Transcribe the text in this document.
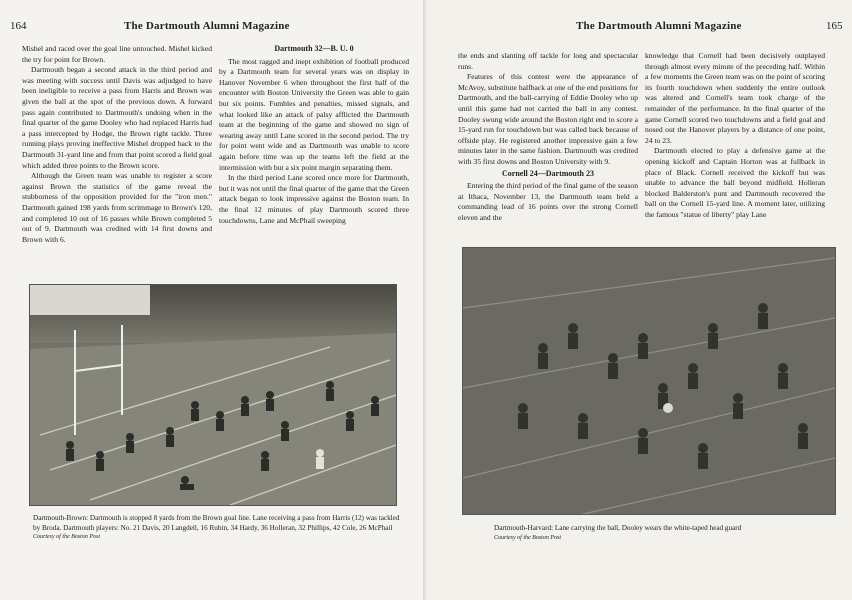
164	The Dartmouth Alumni Magazine

Mishel and raced over the goal line untouched. Mishel kicked the try for point for Brown.

Dartmouth began a second attack in the third period and was meeting with success until Davis was adjudged to have been ineligible to receive a pass from Harris and Brown was given the ball at the spot of the previous down. A forward pass again contributed to Dartmouth's undoing when in the final quarter of the game Dooley who had replaced Harris had a pass intercepted by Hodge, the Brown right tackle. Three running plays proving ineffective Mishel dropped back to the Dartmouth 31-yard line and from that point scored a field goal which added three points to the Brown score.

Although the Green team was unable to register a score against Brown the statistics of the game reveal the stubborness of the opposition provided for the "iron men." Dartmouth gained 198 yards from scrimmage to Brown's 120, and completed 10 out of 16 passes while Brown completed 5 out of 9. Dartmouth was credited with 14 first downs and Brown with 6.

Dartmouth 32—B. U. 0

The most ragged and inept exhibition of football produced by a Dartmouth team for several years was on display in Hanover November 6 when throughout the first half of the encounter with Boston University the Green was able to gain but six points. Fumbles and penalties, missed signals, and what looked like an attack of palsy afflicted the Dartmouth team at the beginning of the game and showed no sign of wearing away until Lane scored in the second period. The try for point went wide and as Dartmouth was unable to score again before time was up the teams left the field at the intermission with but a six point margin separating them.

In the third period Lane scored once more for Dartmouth, but it was not until the final quarter of the game that the Green attack began to look impressive against the Boston team. In the final 12 minutes of play Dartmouth scored three touchdowns, Lane and McPhail sweeping

Dartmouth-Brown: Dartmouth is stopped 8 yards from the Brown goal line. Lane receiving a pass from Harris (12) was tackled by Broda. Dartmouth players: No. 21 Davis, 20 Langdell, 16 Rubin, 34 Hardy, 36 Holleran, 32 Phillips, 42 Cole, 26 McPhail
Courtesy of the Boston Post
The Dartmouth Alumni Magazine	165

the ends and slanting off tackle for long and spectacular runs.

Features of this contest were the appearance of McAvoy, substitute halfback at one of the end positions for Dartmouth, and the ball-carrying of Eddie Dooley who up until this game had not carried the ball in any contest. Dooley swung wide around the Boston right end to score a 15-yard run for touchdown but was called back because of offside play. He registered another impressive gain a few minutes later in the same fashion. Dartmouth was credited with 35 first downs and Boston University with 9.

Cornell 24—Dartmouth 23

Entering the third period of the final game of the season at Ithaca, November 13, the Dartmouth team held a commanding lead of 16 points over the strong Cornell eleven and the

knowledge that Cornell had been decisively outplayed through almost every minute of the preceding half. Within a few moments the Green team was on the point of scoring its fourth touchdown when suddenly the entire outlook was altered and Cornell's team took charge of the remainder of the performance. In the final quarter of the game Cornell scored two touchdowns and a field goal and nosed out the Hanover players by a distance of one point, 24 to 23.

Dartmouth elected to play a defensive game at the opening kickoff and Captain Horton was at fullback in place of Black. Cornell received the kickoff but was unable to advance the ball beyond midfield. Holleran blocked Balderston's punt and Dartmouth recovered the ball on the Cornell 15-yard line. A moment later, utilizing the famous "statue of liberty" play Lane

Dartmouth-Harvard: Lane carrying the ball, Dooley wears the white-taped head guard
Courtesy of the Boston Post
